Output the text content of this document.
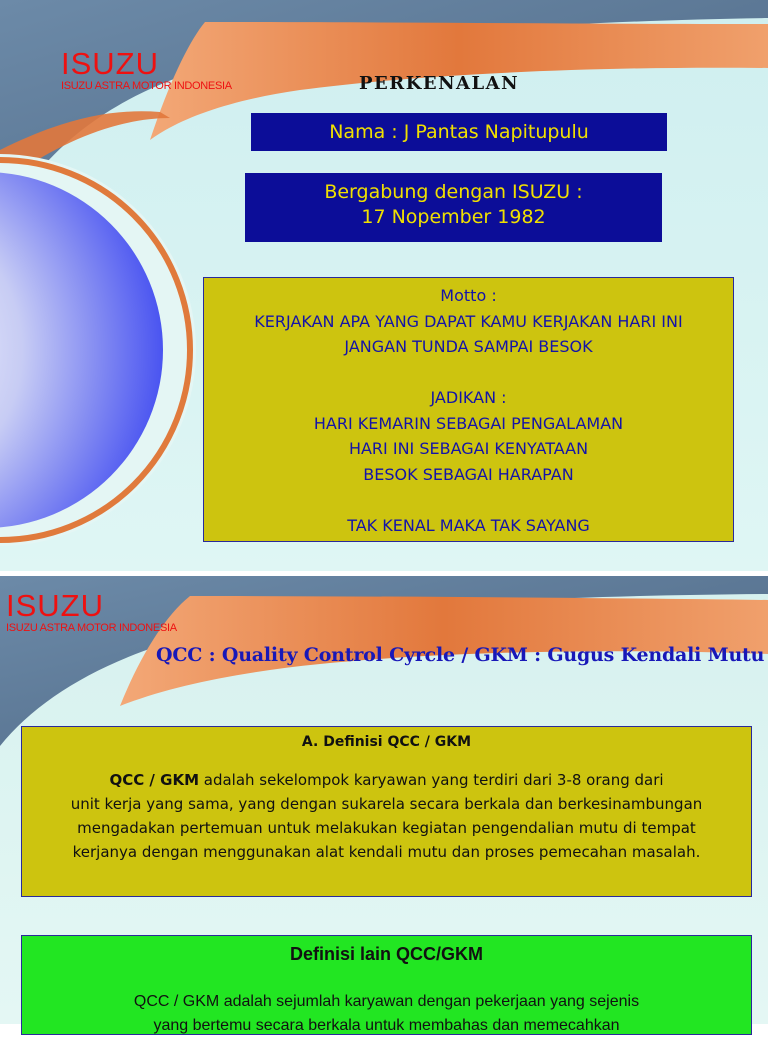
ISUZU
ISUZU ASTRA MOTOR INDONESIA	PERKENALAN
Nama : J Pantas Napitupulu
Bergabung dengan ISUZU :
17 Nopember 1982
Motto :
KERJAKAN APA YANG DAPAT KAMU KERJAKAN HARI INI
JANGAN TUNDA SAMPAI BESOK
JADIKAN :
HARI KEMARIN SEBAGAI PENGALAMAN
HARI INI SEBAGAI KENYATAAN
BESOK SEBAGAI HARAPAN
TAK KENAL MAKA TAK SAYANG
ISUZU
ISUZU ASTRA MOTOR INDONESIA
QCC : Quality Control Cyrcle / GKM : Gugus Kendali Mutu
A. Definisi QCC / GKM
QCC / GKM adalah sekelompok karyawan yang terdiri dari 3-8 orang dari
unit kerja yang sama, yang dengan sukarela secara berkala dan berkesinambungan
mengadakan pertemuan untuk melakukan kegiatan pengendalian mutu di tempat
kerjanya dengan menggunakan alat kendali mutu dan proses pemecahan masalah.
Definisi lain QCC/GKM
QCC / GKM adalah sejumlah karyawan dengan pekerjaan yang sejenis
yang bertemu secara berkala untuk membahas dan memecahkan
